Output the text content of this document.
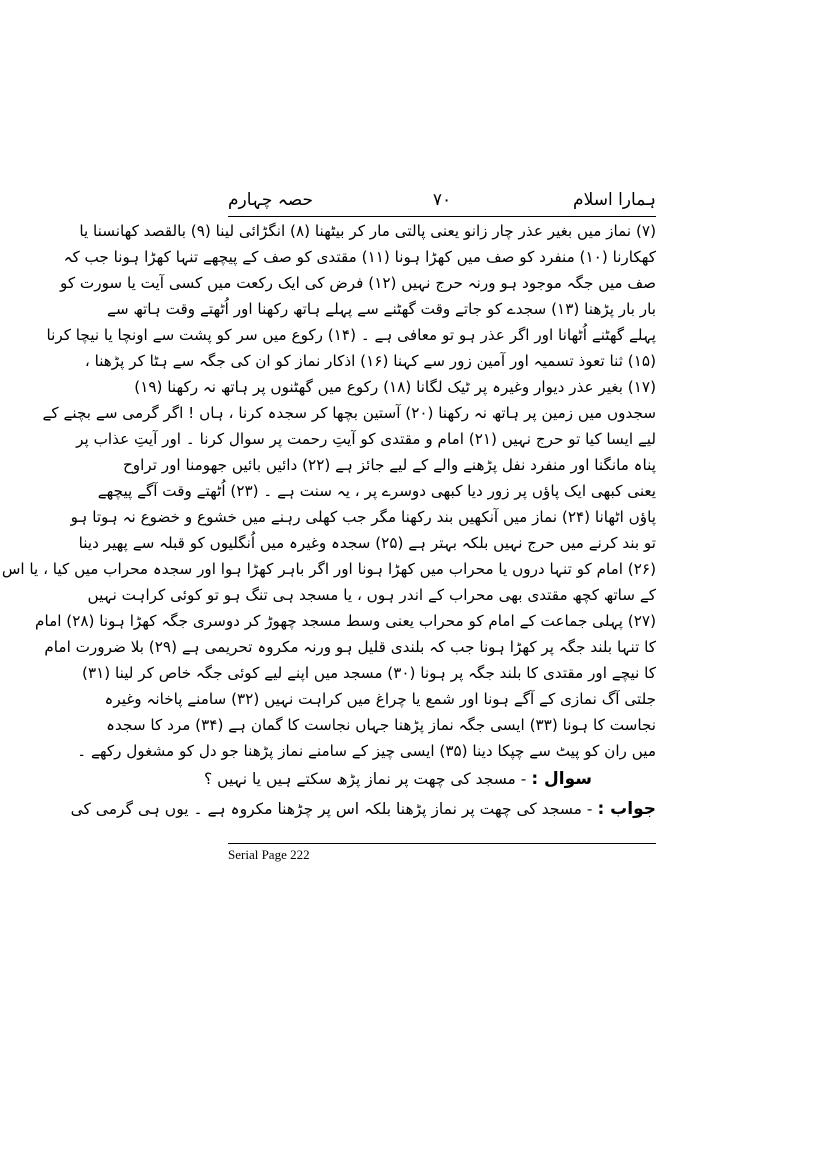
ہمارا اسلام
۷۰
حصہ چہارم
(۷) نماز میں بغیر عذر چار زانو یعنی پالتی مار کر بیٹھنا (۸) انگڑائی لینا (۹) بالقصد کھانسنا یا
کھکارنا (۱۰) منفرد کو صف میں کھڑا ہونا (۱۱) مقتدی کو صف کے پیچھے تنہا کھڑا ہونا جب کہ
صف میں جگہ موجود ہو ورنہ حرج نہیں (۱۲) فرض کی ایک رکعت میں کسی آیت یا سورت کو
بار بار پڑھنا (۱۳) سجدے کو جاتے وقت گھٹنے سے پہلے ہاتھ رکھنا اور اُٹھتے وقت ہاتھ سے
پہلے گھٹنے اُٹھانا اور اگر عذر ہو تو معافی ہے ۔ (۱۴) رکوع میں سر کو پشت سے اونچا یا نیچا کرنا
(۱۵) ثنا تعوذ تسمیہ اور آمین زور سے کہنا (۱۶) اذکار نماز کو ان کی جگہ سے ہٹا کر پڑھنا ،
(۱۷) بغیر عذر دیوار وغیرہ پر ٹیک لگانا (۱۸) رکوع میں گھٹنوں پر ہاتھ نہ رکھنا (۱۹)
سجدوں میں زمین پر ہاتھ نہ رکھنا (۲۰) آستین بچھا کر سجدہ کرنا ، ہاں ! اگر گرمی سے بچنے کے
لیے ایسا کیا تو حرج نہیں (۲۱) امام و مقتدی کو آیتِ رحمت پر سوال کرنا ۔ اور آیتِ عذاب پر
پناہ مانگنا اور منفرد نفل پڑھنے والے کے لیے جائز ہے (۲۲) دائیں بائیں جھومنا اور تراوح
یعنی کبھی ایک پاؤں پر زور دیا کبھی دوسرے پر ، یہ سنت ہے ۔ (۲۳) اُٹھتے وقت آگے پیچھے
پاؤں اٹھانا (۲۴) نماز میں آنکھیں بند رکھنا مگر جب کھلی رہنے میں خشوع و خضوع نہ ہوتا ہو
تو بند کرنے میں حرج نہیں بلکہ بہتر ہے (۲۵) سجدہ وغیرہ میں اُنگلیوں کو قبلہ سے پھیر دینا
(۲۶) امام کو تنہا دروں یا محراب میں کھڑا ہونا اور اگر باہر کھڑا ہوا اور سجدہ محراب میں کیا ، یا اس
کے ساتھ کچھ مقتدی بھی محراب کے اندر ہوں ، یا مسجد ہی تنگ ہو تو کوئی کراہت نہیں
(۲۷) پہلی جماعت کے امام کو محراب یعنی وسط مسجد چھوڑ کر دوسری جگہ کھڑا ہونا (۲۸) امام
کا تنہا بلند جگہ پر کھڑا ہونا جب کہ بلندی قلیل ہو ورنہ مکروہ تحریمی ہے (۲۹) بلا ضرورت امام
کا نیچے اور مقتدی کا بلند جگہ پر ہونا (۳۰) مسجد میں اپنے لیے کوئی جگہ خاص کر لینا (۳۱)
جلتی آگ نمازی کے آگے ہونا اور شمع یا چراغ میں کراہت نہیں (۳۲) سامنے پاخانہ وغیرہ
نجاست کا ہونا (۳۳) ایسی جگہ نماز پڑھنا جہاں نجاست کا گمان ہے (۳۴) مرد کا سجدہ
میں ران کو پیٹ سے چپکا دینا (۳۵) ایسی چیز کے سامنے نماز پڑھنا جو دل کو مشغول رکھے ۔
سوال : - مسجد کی چھت پر نماز پڑھ سکتے ہیں یا نہیں ؟
جواب : - مسجد کی چھت پر نماز پڑھنا بلکہ اس پر چڑھنا مکروہ ہے ۔ یوں ہی گرمی کی
Serial Page 222
